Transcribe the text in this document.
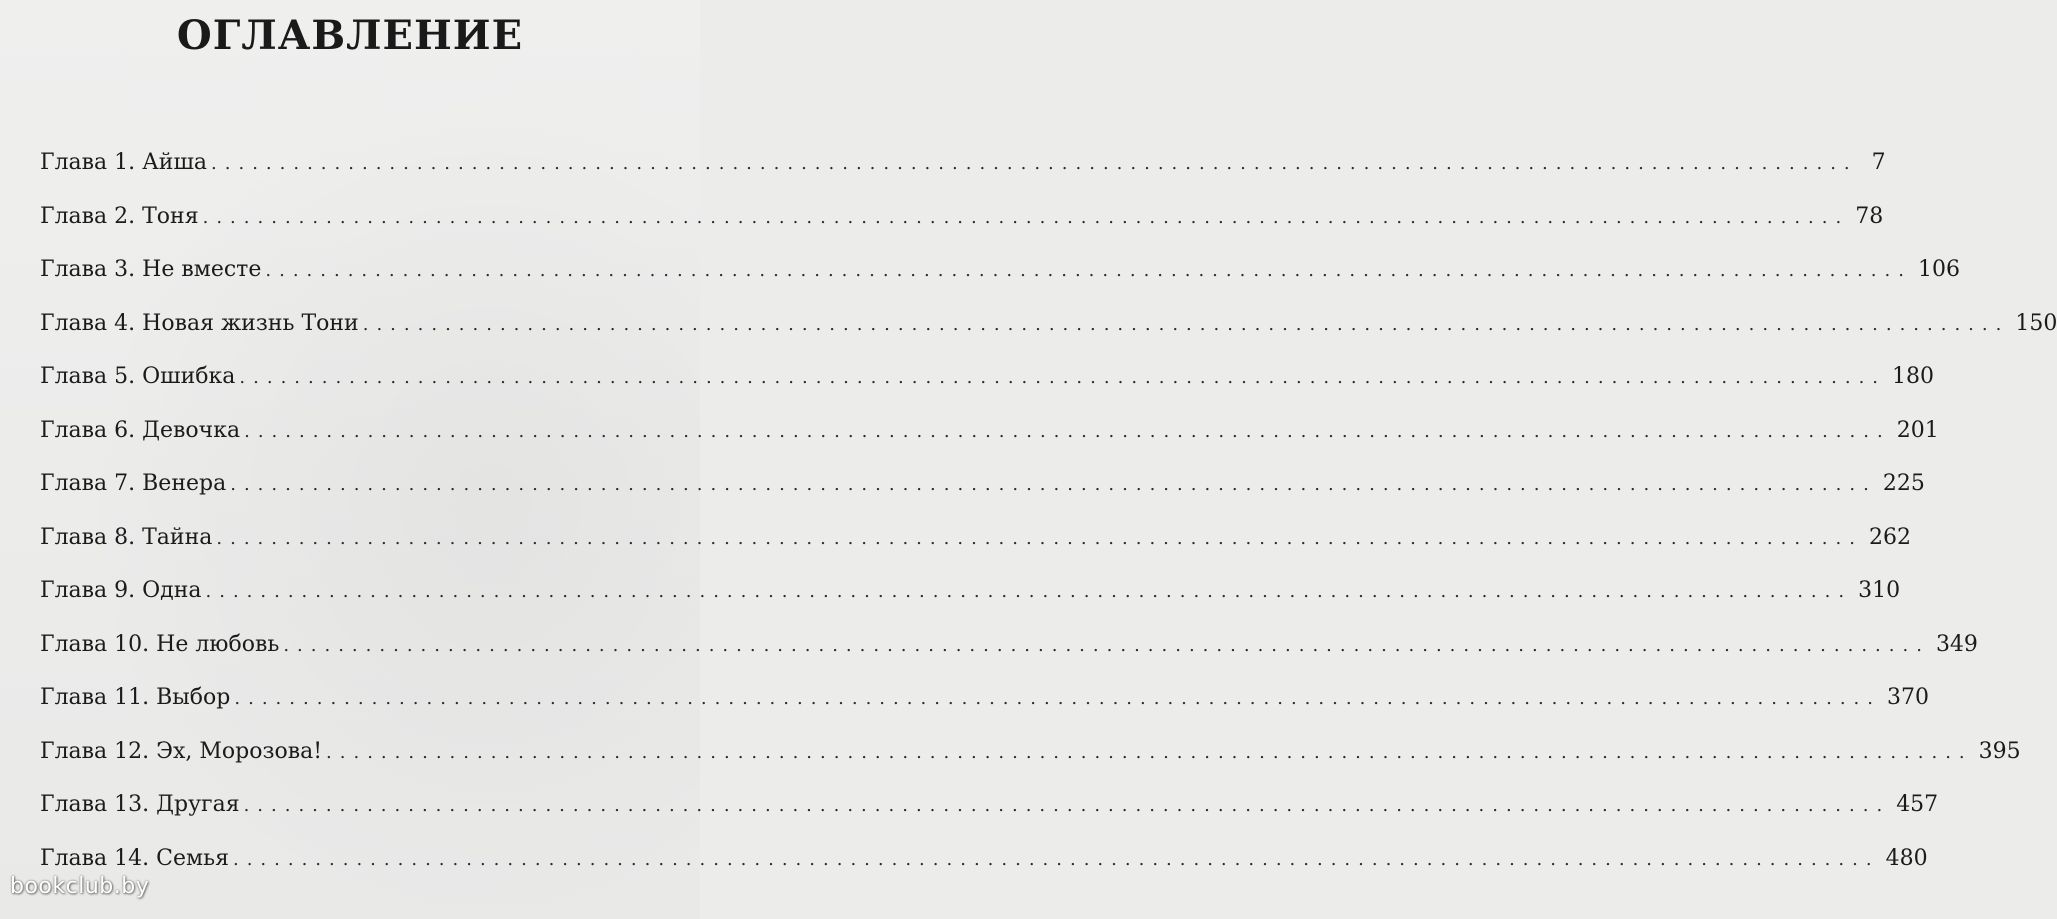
ОГЛАВЛЕНИЕ
Глава 1. Айша ........................................................................................................................ 7
Глава 2. Тоня ........................................................................................................................ 78
Глава 3. Не вместе ........................................................................................................................ 106
Глава 4. Новая жизнь Тони ........................................................................................................................ 150
Глава 5. Ошибка ........................................................................................................................ 180
Глава 6. Девочка ........................................................................................................................ 201
Глава 7. Венера ........................................................................................................................ 225
Глава 8. Тайна ........................................................................................................................ 262
Глава 9. Одна ........................................................................................................................ 310
Глава 10. Не любовь ........................................................................................................................ 349
Глава 11. Выбор ........................................................................................................................ 370
Глава 12. Эх, Морозова! ........................................................................................................................ 395
Глава 13. Другая ........................................................................................................................ 457
Глава 14. Семья ........................................................................................................................ 480
bookclub.by
